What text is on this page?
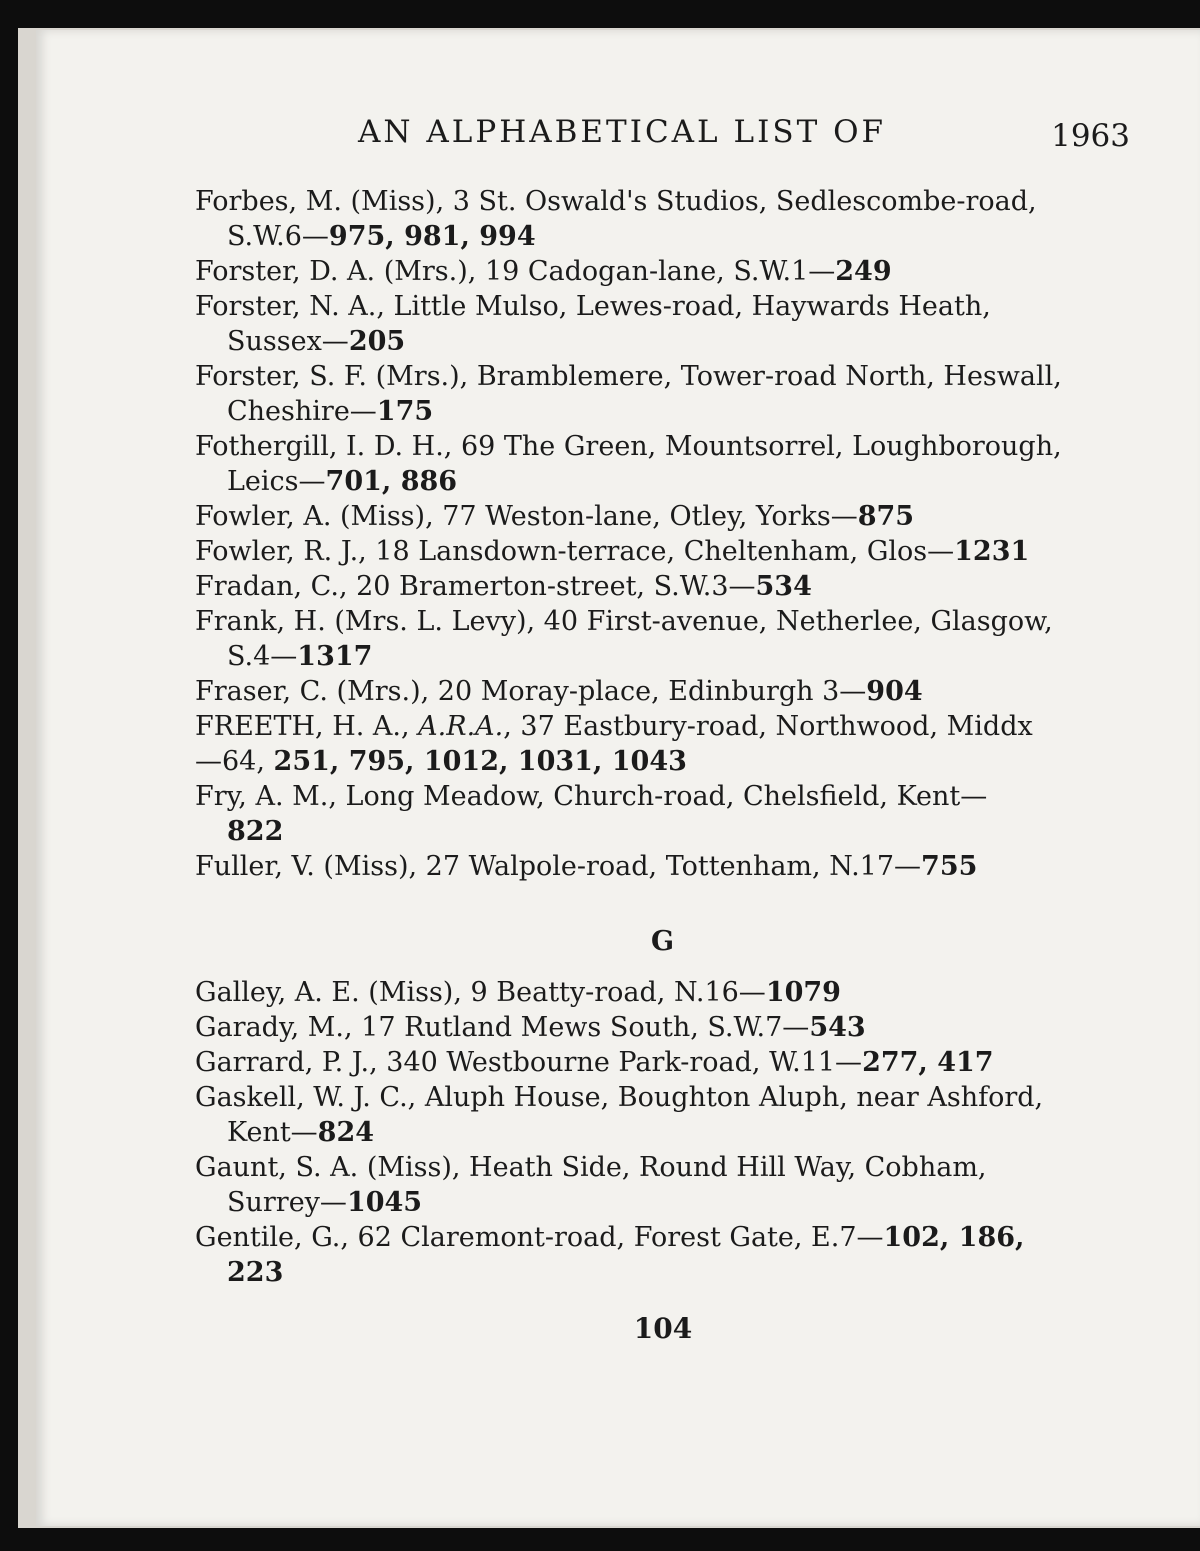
AN ALPHABETICAL LIST OF	1963
Forbes, M. (Miss), 3 St. Oswald's Studios, Sedlescombe-road,
S.W.6—975, 981, 994
Forster, D. A. (Mrs.), 19 Cadogan-lane, S.W.1—249
Forster, N. A., Little Mulso, Lewes-road, Haywards Heath,
Sussex—205
Forster, S. F. (Mrs.), Bramblemere, Tower-road North, Heswall,
Cheshire—175
Fothergill, I. D. H., 69 The Green, Mountsorrel, Loughborough,
Leics—701, 886
Fowler, A. (Miss), 77 Weston-lane, Otley, Yorks—875
Fowler, R. J., 18 Lansdown-terrace, Cheltenham, Glos—1231
Fradan, C., 20 Bramerton-street, S.W.3—534
Frank, H. (Mrs. L. Levy), 40 First-avenue, Netherlee, Glasgow,
S.4—1317
Fraser, C. (Mrs.), 20 Moray-place, Edinburgh 3—904
FREETH, H. A., A.R.A., 37 Eastbury-road, Northwood, Middx
—64, 251, 795, 1012, 1031, 1043
Fry, A. M., Long Meadow, Church-road, Chelsfield, Kent—
822
Fuller, V. (Miss), 27 Walpole-road, Tottenham, N.17—755
G
Galley, A. E. (Miss), 9 Beatty-road, N.16—1079
Garady, M., 17 Rutland Mews South, S.W.7—543
Garrard, P. J., 340 Westbourne Park-road, W.11—277, 417
Gaskell, W. J. C., Aluph House, Boughton Aluph, near Ashford,
Kent—824
Gaunt, S. A. (Miss), Heath Side, Round Hill Way, Cobham,
Surrey—1045
Gentile, G., 62 Claremont-road, Forest Gate, E.7—102, 186,
223
104
